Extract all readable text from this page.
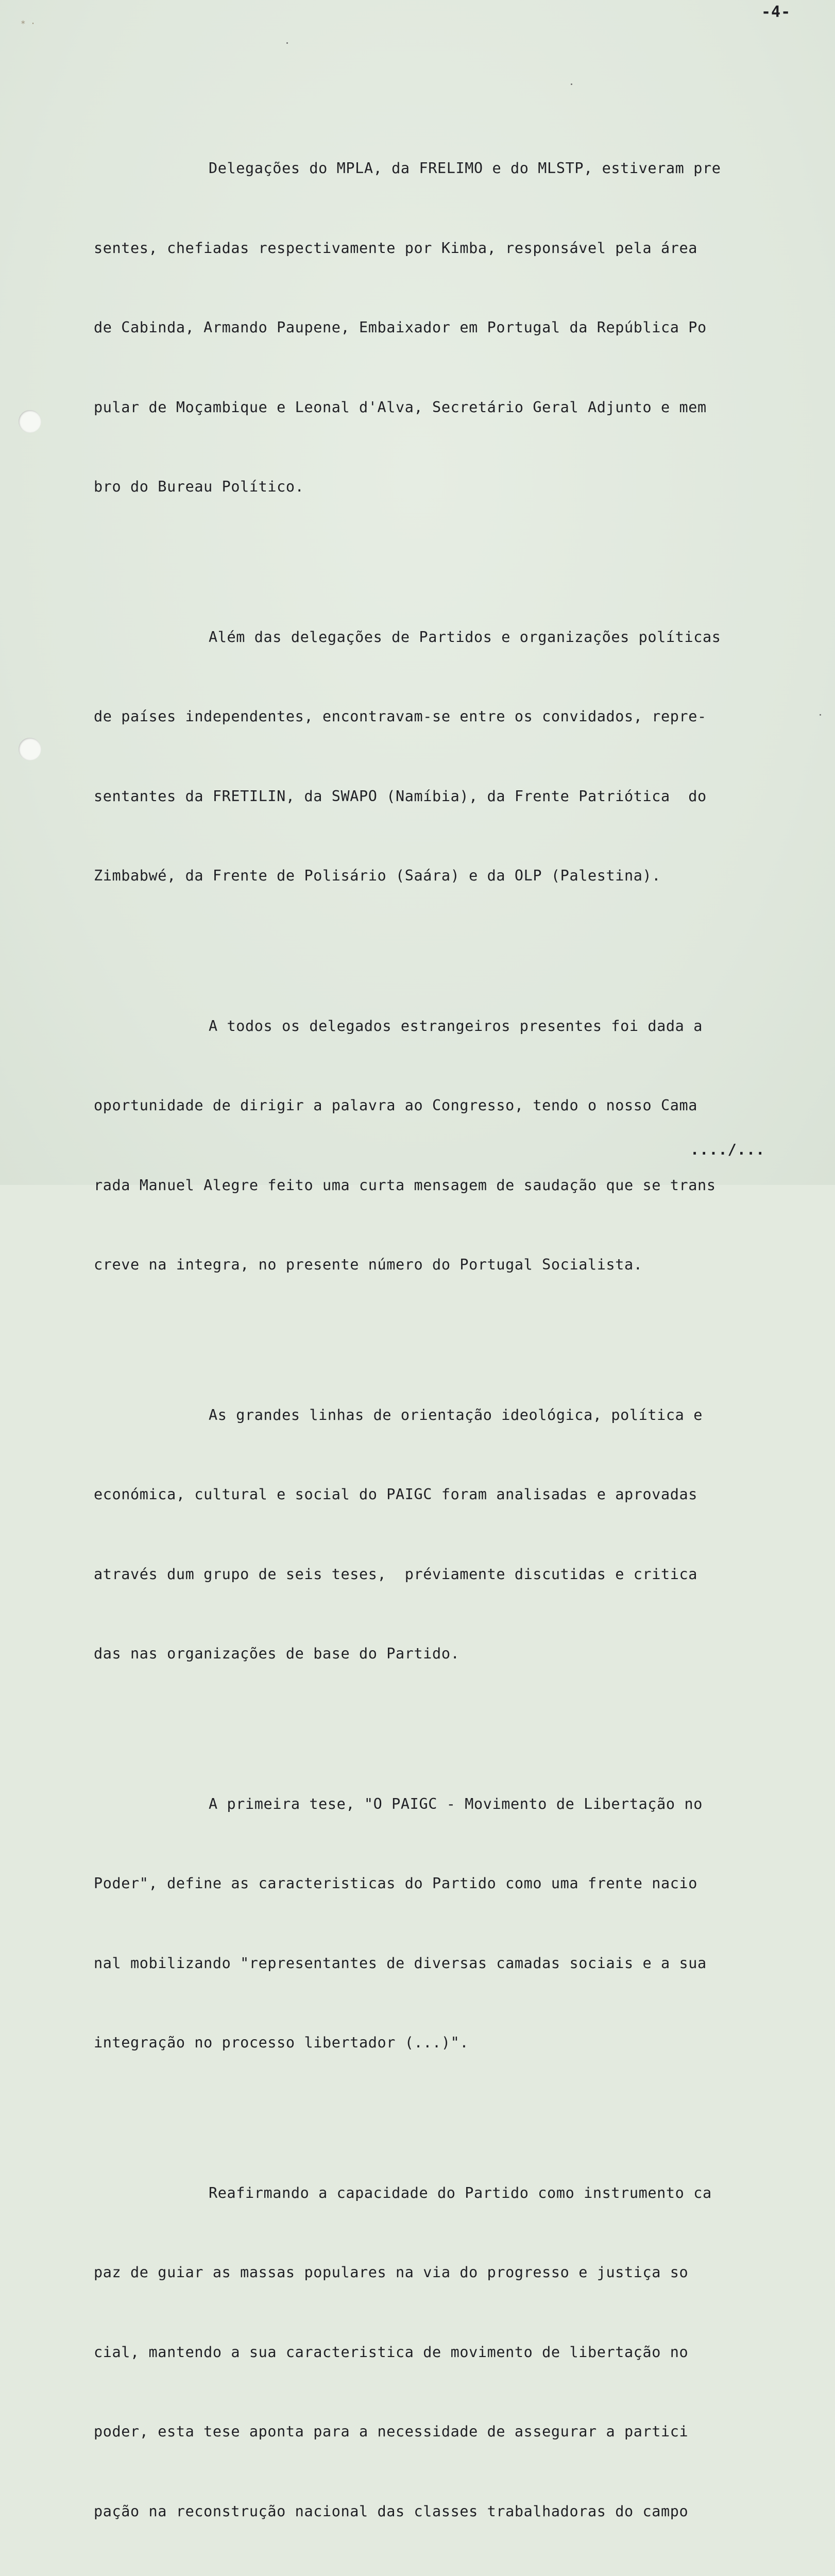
* ·
-4-

Delegações do MPLA, da FRELIMO e do MLSTP, estiveram pre

sentes, chefiadas respectivamente por Kimba, responsável pela área

de Cabinda, Armando Paupene, Embaixador em Portugal da República Po

pular de Moçambique e Leonal d'Alva, Secretário Geral Adjunto e mem

bro do Bureau Político.

Além das delegações de Partidos e organizações políticas

de países independentes, encontravam-se entre os convidados, repre-

sentantes da FRETILIN, da SWAPO (Namíbia), da Frente Patriótica  do

Zimbabwé, da Frente de Polisário (Saára) e da OLP (Palestina).

A todos os delegados estrangeiros presentes foi dada a

oportunidade de dirigir a palavra ao Congresso, tendo o nosso Cama

rada Manuel Alegre feito uma curta mensagem de saudação que se trans

creve na integra, no presente número do Portugal Socialista.

As grandes linhas de orientação ideológica, política e

económica, cultural e social do PAIGC foram analisadas e aprovadas

através dum grupo de seis teses,  préviamente discutidas e critica

das nas organizações de base do Partido.

A primeira tese, "O PAIGC - Movimento de Libertação no

Poder", define as caracteristicas do Partido como uma frente nacio

nal mobilizando "representantes de diversas camadas sociais e a sua

integração no processo libertador (...)".

Reafirmando a capacidade do Partido como instrumento ca

paz de guiar as massas populares na via do progresso e justiça so

cial, mantendo a sua caracteristica de movimento de libertação no

poder, esta tese aponta para a necessidade de assegurar a partici

pação na reconstrução nacional das classes trabalhadoras do campo

..../...
